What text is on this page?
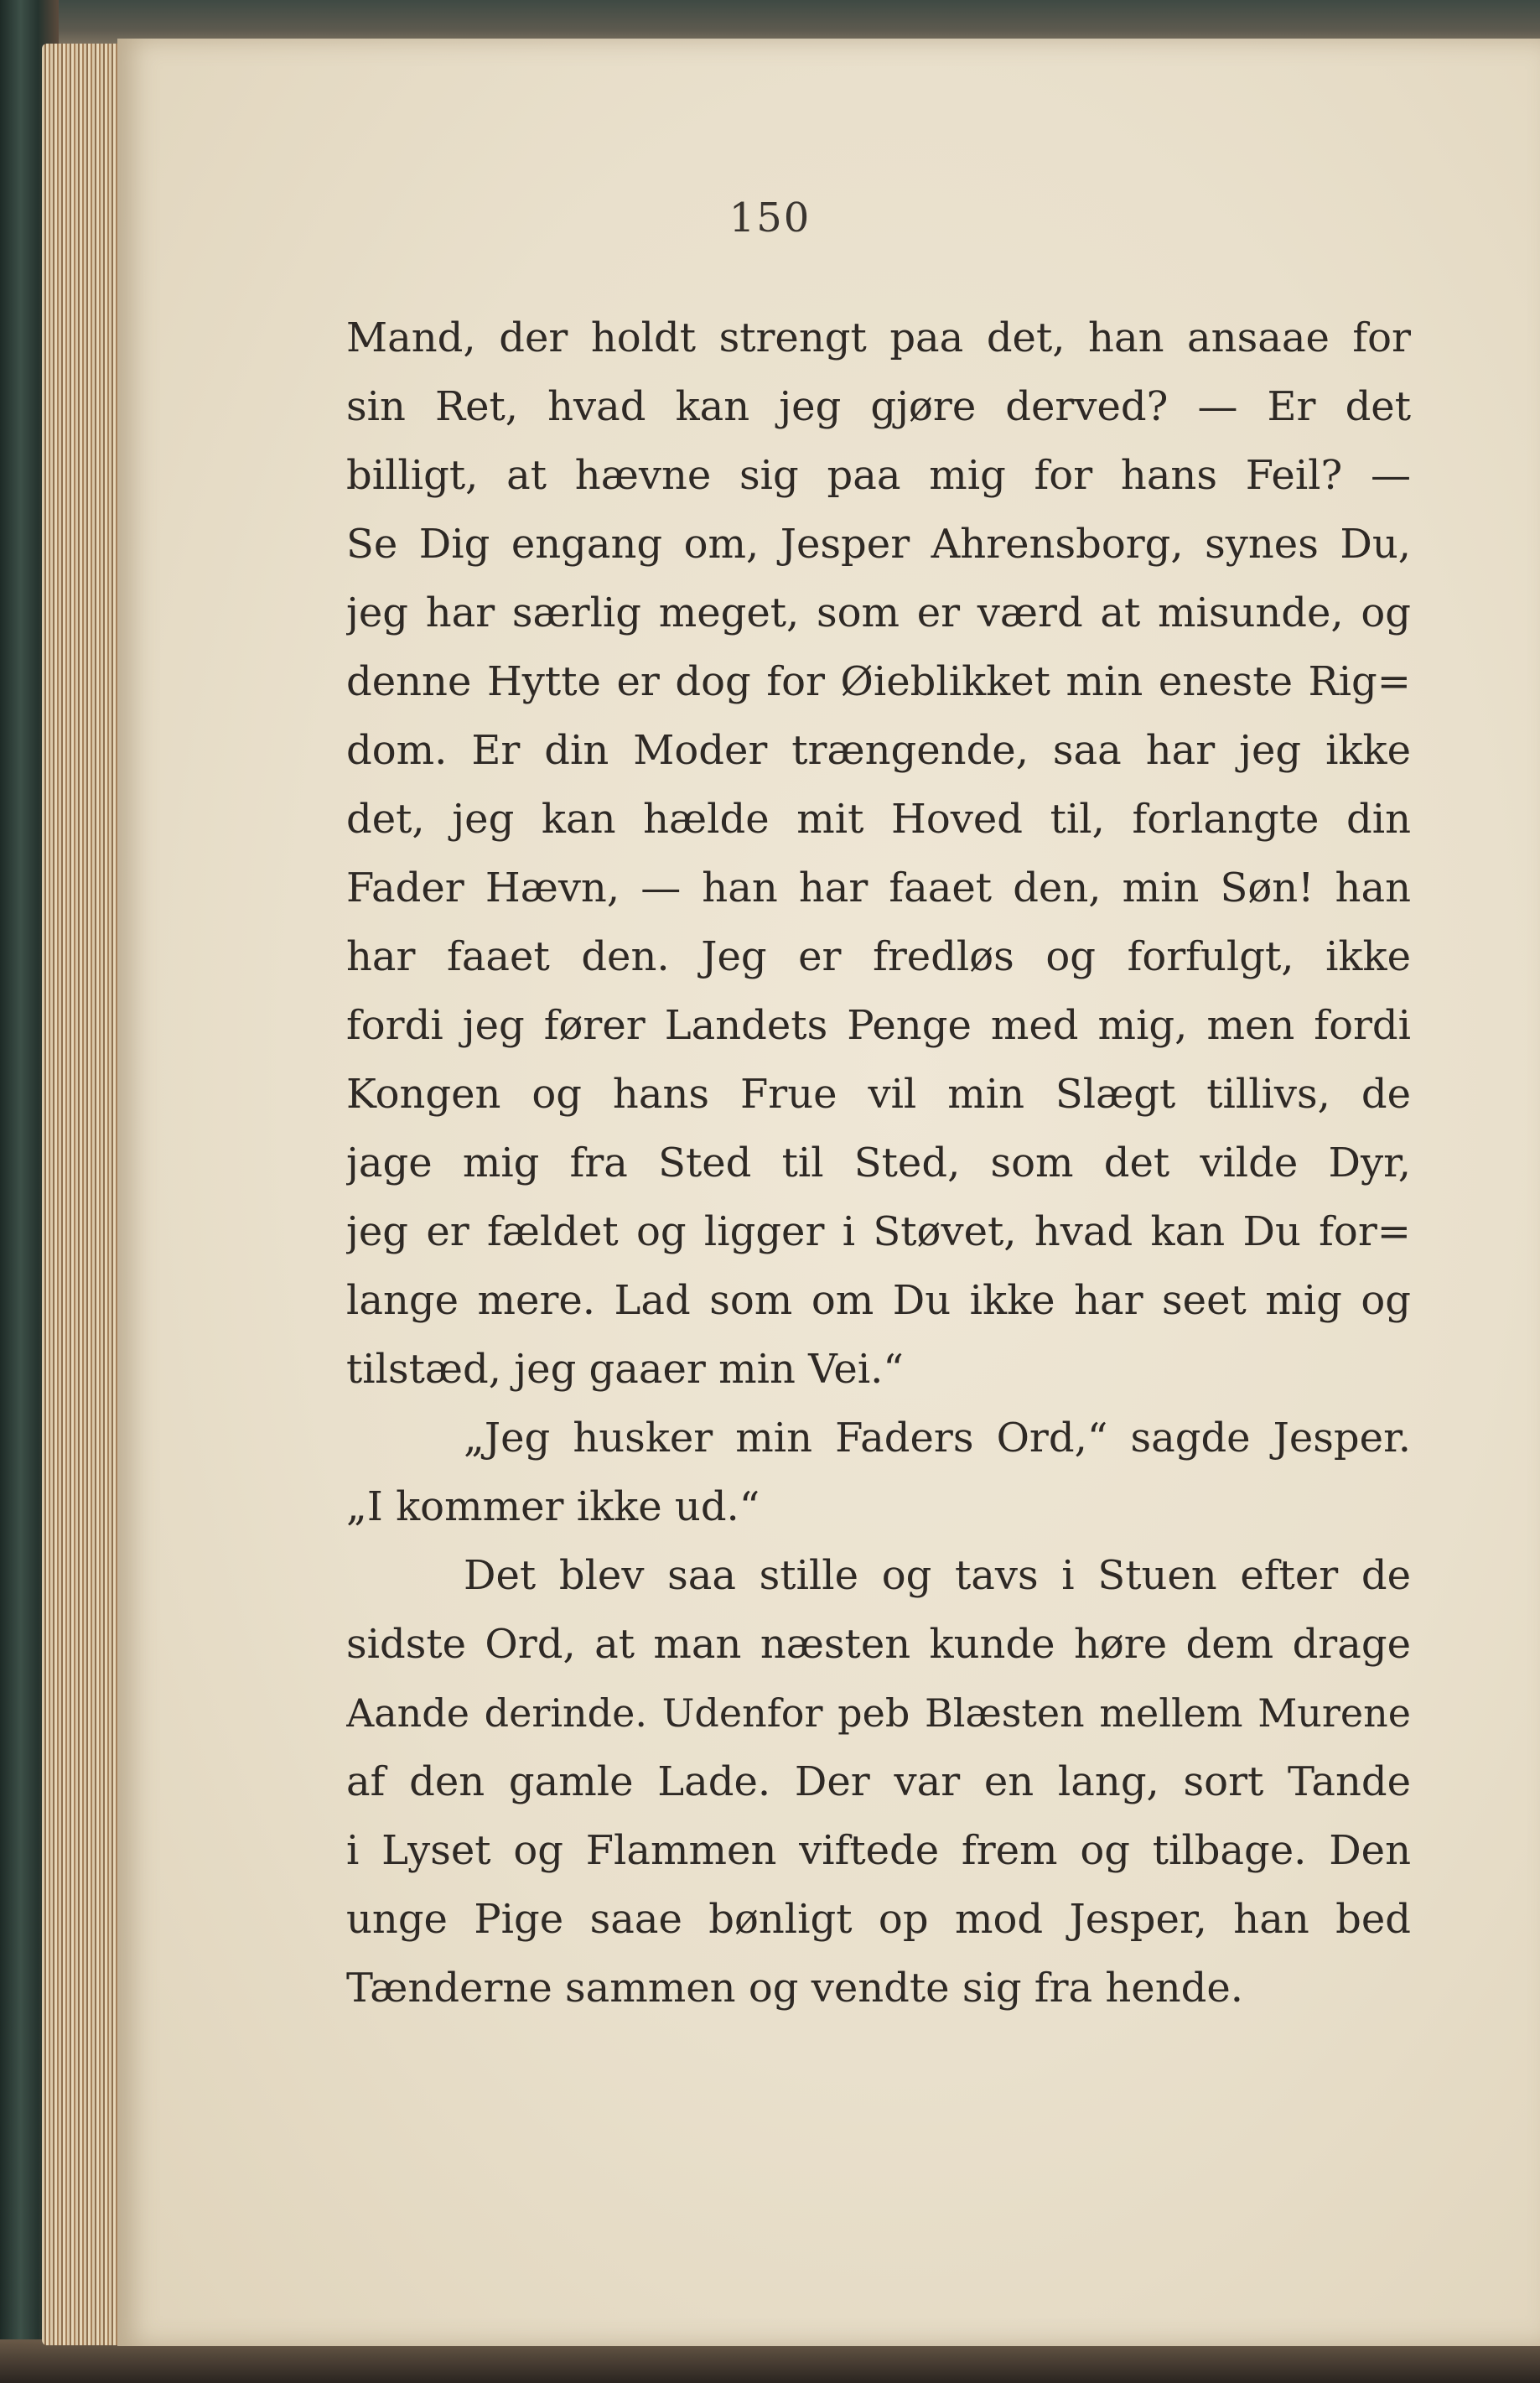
150
Mand, der holdt strengt paa det, han ansaae for
sin Ret, hvad kan jeg gjøre derved? — Er det
billigt, at hævne sig paa mig for hans Feil? —
Se Dig engang om, Jesper Ahrensborg, synes Du,
jeg har særlig meget, som er værd at misunde, og
denne Hytte er dog for Øieblikket min eneste Rig=
dom. Er din Moder trængende, saa har jeg ikke
det, jeg kan hælde mit Hoved til, forlangte din
Fader Hævn, — han har faaet den, min Søn! han
har faaet den. Jeg er fredløs og forfulgt, ikke
fordi jeg fører Landets Penge med mig, men fordi
Kongen og hans Frue vil min Slægt tillivs, de
jage mig fra Sted til Sted, som det vilde Dyr,
jeg er fældet og ligger i Støvet, hvad kan Du for=
lange mere. Lad som om Du ikke har seet mig og
tilstæd, jeg gaaer min Vei.“
„Jeg husker min Faders Ord,“ sagde Jesper.
„I kommer ikke ud.“
Det blev saa stille og tavs i Stuen efter de
sidste Ord, at man næsten kunde høre dem drage
Aande derinde. Udenfor peb Blæsten mellem Murene
af den gamle Lade. Der var en lang, sort Tande
i Lyset og Flammen viftede frem og tilbage. Den
unge Pige saae bønligt op mod Jesper, han bed
Tænderne sammen og vendte sig fra hende.
